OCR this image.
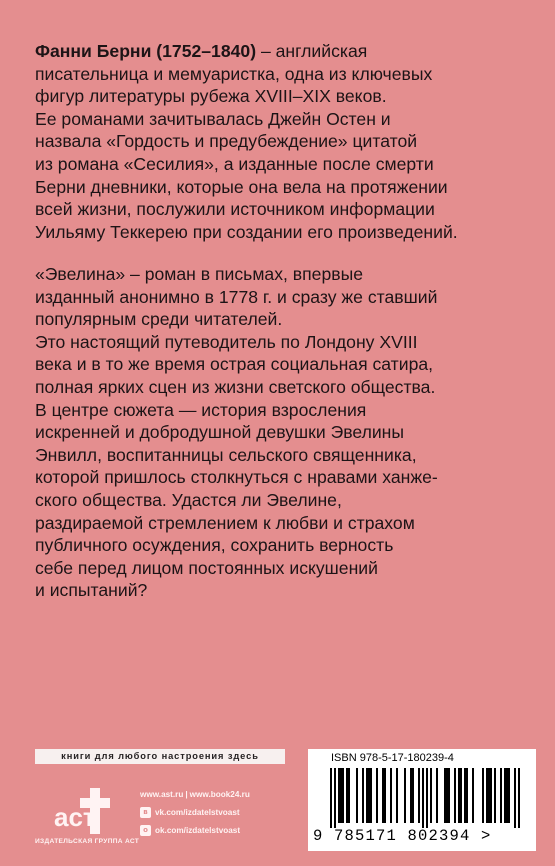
Фанни Берни (1752–1840) – английская

писательница и мемуаристка, одна из ключевых

фигур литературы рубежа XVIII–XIX веков.

Ее романами зачитывалась Джейн Остен и

назвала «Гордость и предубеждение» цитатой

из романа «Сесилия», а изданные после смерти

Берни дневники, которые она вела на протяжении

всей жизни, послужили источником информации

Уильяму Теккерею при создании его произведений.

«Эвелина» – роман в письмах, впервые

изданный анонимно в 1778 г. и сразу же ставший

популярным среди читателей.

Это настоящий путеводитель по Лондону XVIII

века и в то же время острая социальная сатира,

полная ярких сцен из жизни светского общества.

В центре сюжета — история взросления

искренней и добродушной девушки Эвелины

Энвилл, воспитанницы сельского священника,

которой пришлось столкнуться с нравами ханже-

ского общества. Удастся ли Эвелине,

раздираемой стремлением к любви и страхом

публичного осуждения, сохранить верность

себе перед лицом постоянных искушений

и испытаний?

книги для любого настроения здесь
аст
ИЗДАТЕЛЬСКАЯ ГРУППА АСТ
www.ast.ru | www.book24.ru
в vk.com/izdatelstvoast
о ok.com/izdatelstvoast
ISBN 978-5-17-180239-4
9 785171 802394 >
